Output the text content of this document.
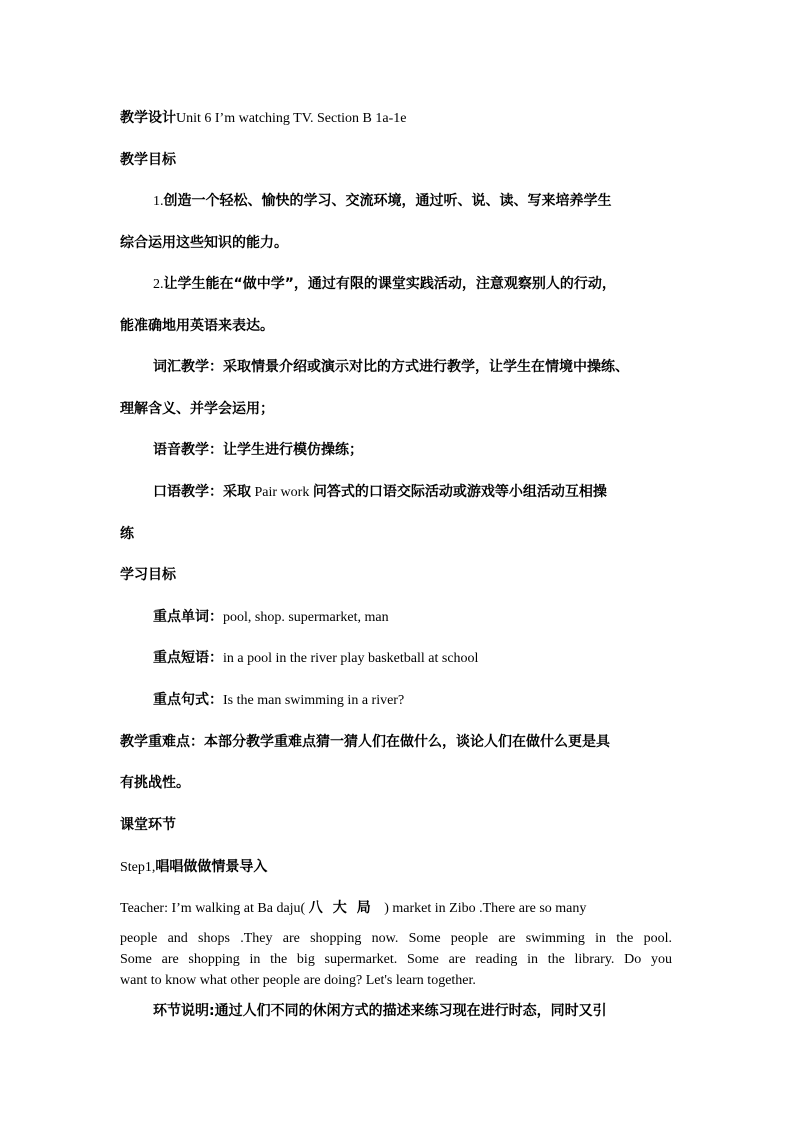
教学设计Unit 6 I’m watching TV. Section B 1a-1e
教学目标
1.创造一个轻松、愉快的学习、交流环境，通过听、说、读、写来培养学生
综合运用这些知识的能力。
2.让学生能在“做中学”，通过有限的课堂实践活动，注意观察别人的行动，
能准确地用英语来表达。
词汇教学：采取情景介绍或演示对比的方式进行教学，让学生在情境中操练、
理解含义、并学会运用；
语音教学：让学生进行模仿操练；
口语教学：采取 Pair work 问答式的口语交际活动或游戏等小组活动互相操
练
学习目标
重点单词：pool, shop. supermarket, man
重点短语：in a pool in the river play basketball at school
重点句式：Is the man swimming in a river?
教学重难点：本部分教学重难点猜一猜人们在做什么，谈论人们在做什么更是具
有挑战性。
课堂环节
Step1,唱唱做做情景导入
Teacher: I’m walking at Ba daju( 八大局 ) market in Zibo .There are so many
people and shops .They are shopping now. Some people are swimming in the pool.
Some are shopping in the big supermarket. Some are reading in the library. Do you
want to know what other people are doing? Let's learn together.
环节说明:通过人们不同的休闲方式的描述来练习现在进行时态，同时又引
